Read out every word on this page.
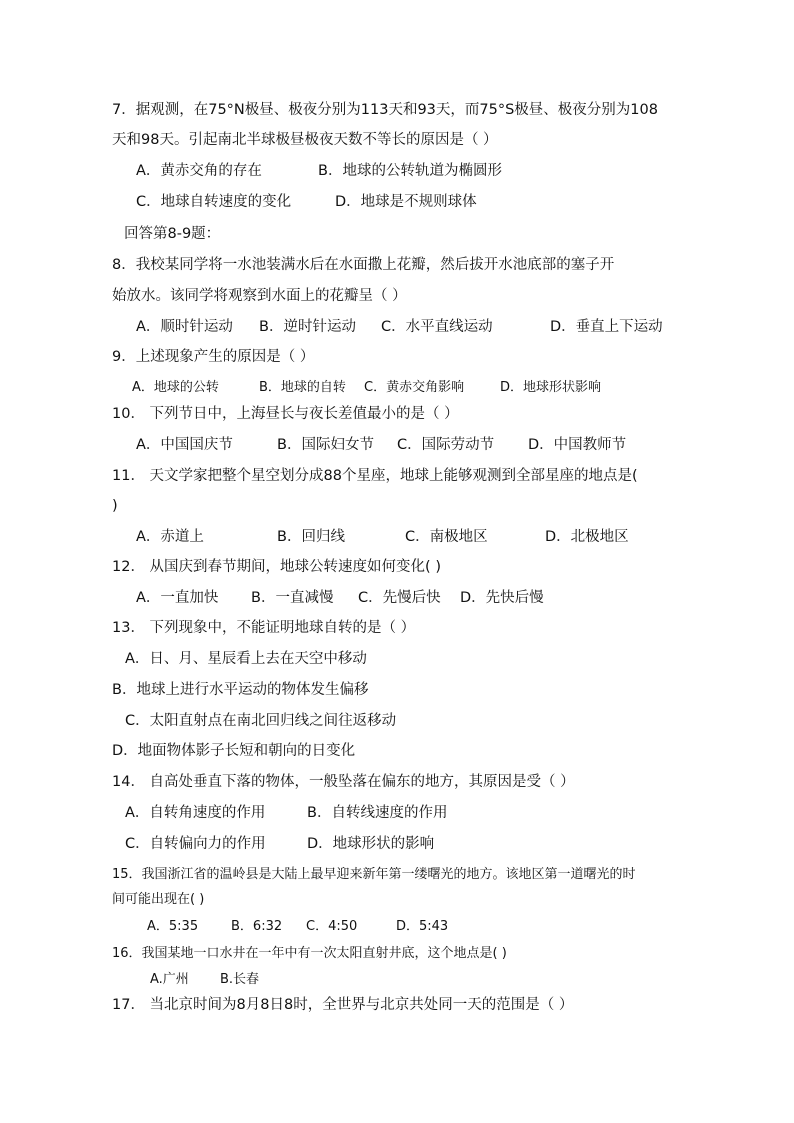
7．据观测，在75°N极昼、极夜分别为113天和93天，而75°S极昼、极夜分别为108
天和98天。引起南北半球极昼极夜天数不等长的原因是（ ）
A．黄赤交角的存在	B．地球的公转轨道为椭圆形
C．地球自转速度的变化	D．地球是不规则球体
回答第8-9题：
8．我校某同学将一水池装满水后在水面撒上花瓣，然后拔开水池底部的塞子开
始放水。该同学将观察到水面上的花瓣呈（ ）
A．顺时针运动 B．逆时针运动 C．水平直线运动	D．垂直上下运动
9．上述现象产生的原因是（ ）
A．地球的公转	B．地球的自转 C．黄赤交角影响	D．地球形状影响
10． 下列节日中，上海昼长与夜长差值最小的是（ ）
A．中国国庆节	B．国际妇女节 C．国际劳动节 D．中国教师节
11． 天文学家把整个星空划分成88个星座，地球上能够观测到全部星座的地点是(
)
A．赤道上	B．回归线	C．南极地区	D．北极地区
12． 从国庆到春节期间，地球公转速度如何变化( )
A．一直加快 B．一直减慢 C．先慢后快 D．先快后慢
13． 下列现象中，不能证明地球自转的是（ ）
A．日、月、星辰看上去在天空中移动
B．地球上进行水平运动的物体发生偏移
C．太阳直射点在南北回归线之间往返移动
D．地面物体影子长短和朝向的日变化
14． 自高处垂直下落的物体，一般坠落在偏东的地方，其原因是受（ ）
A．自转角速度的作用	B．自转线速度的作用
C．自转偏向力的作用	D．地球形状的影响
15．我国浙江省的温岭县是大陆上最早迎来新年第一缕曙光的地方。该地区第一道曙光的时
间可能出现在( )
A．5:35	B．6:32 C．4:50	D．5:43
16．我国某地一口水井在一年中有一次太阳直射井底，这个地点是( )
A.广州 B.长春
17． 当北京时间为8月8日8时，全世界与北京共处同一天的范围是（ ）
